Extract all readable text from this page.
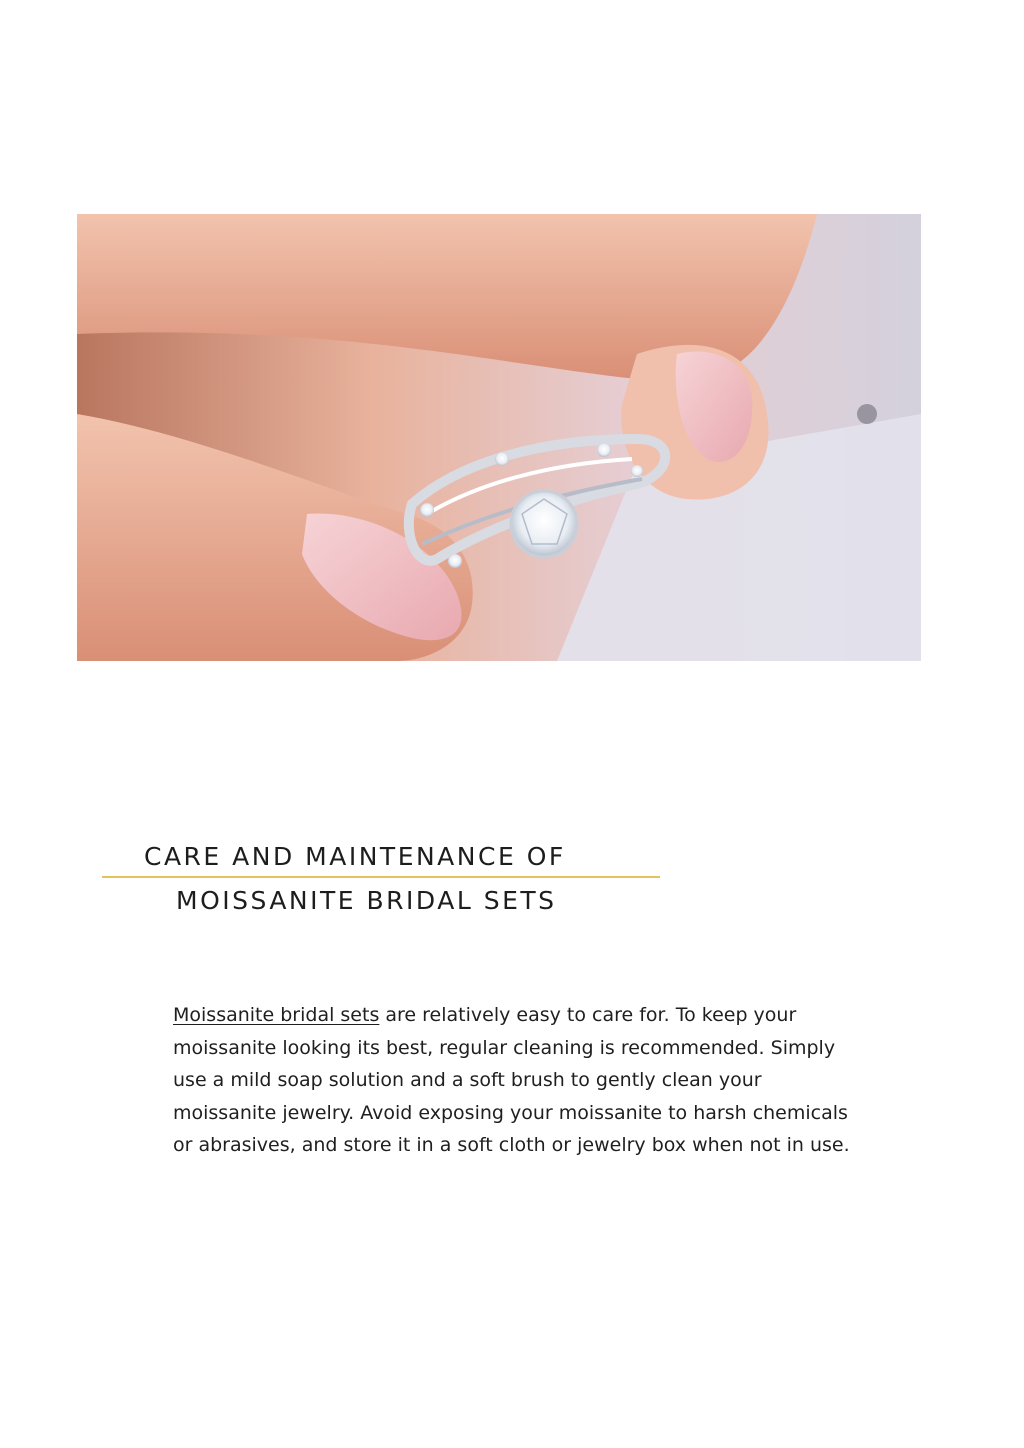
CARE AND MAINTENANCE OF
MOISSANITE BRIDAL SETS

Moissanite bridal sets are relatively easy to care for. To keep your moissanite looking its best, regular cleaning is recommended. Simply use a mild soap solution and a soft brush to gently clean your moissanite jewelry. Avoid exposing your moissanite to harsh chemicals or abrasives, and store it in a soft cloth or jewelry box when not in use.
